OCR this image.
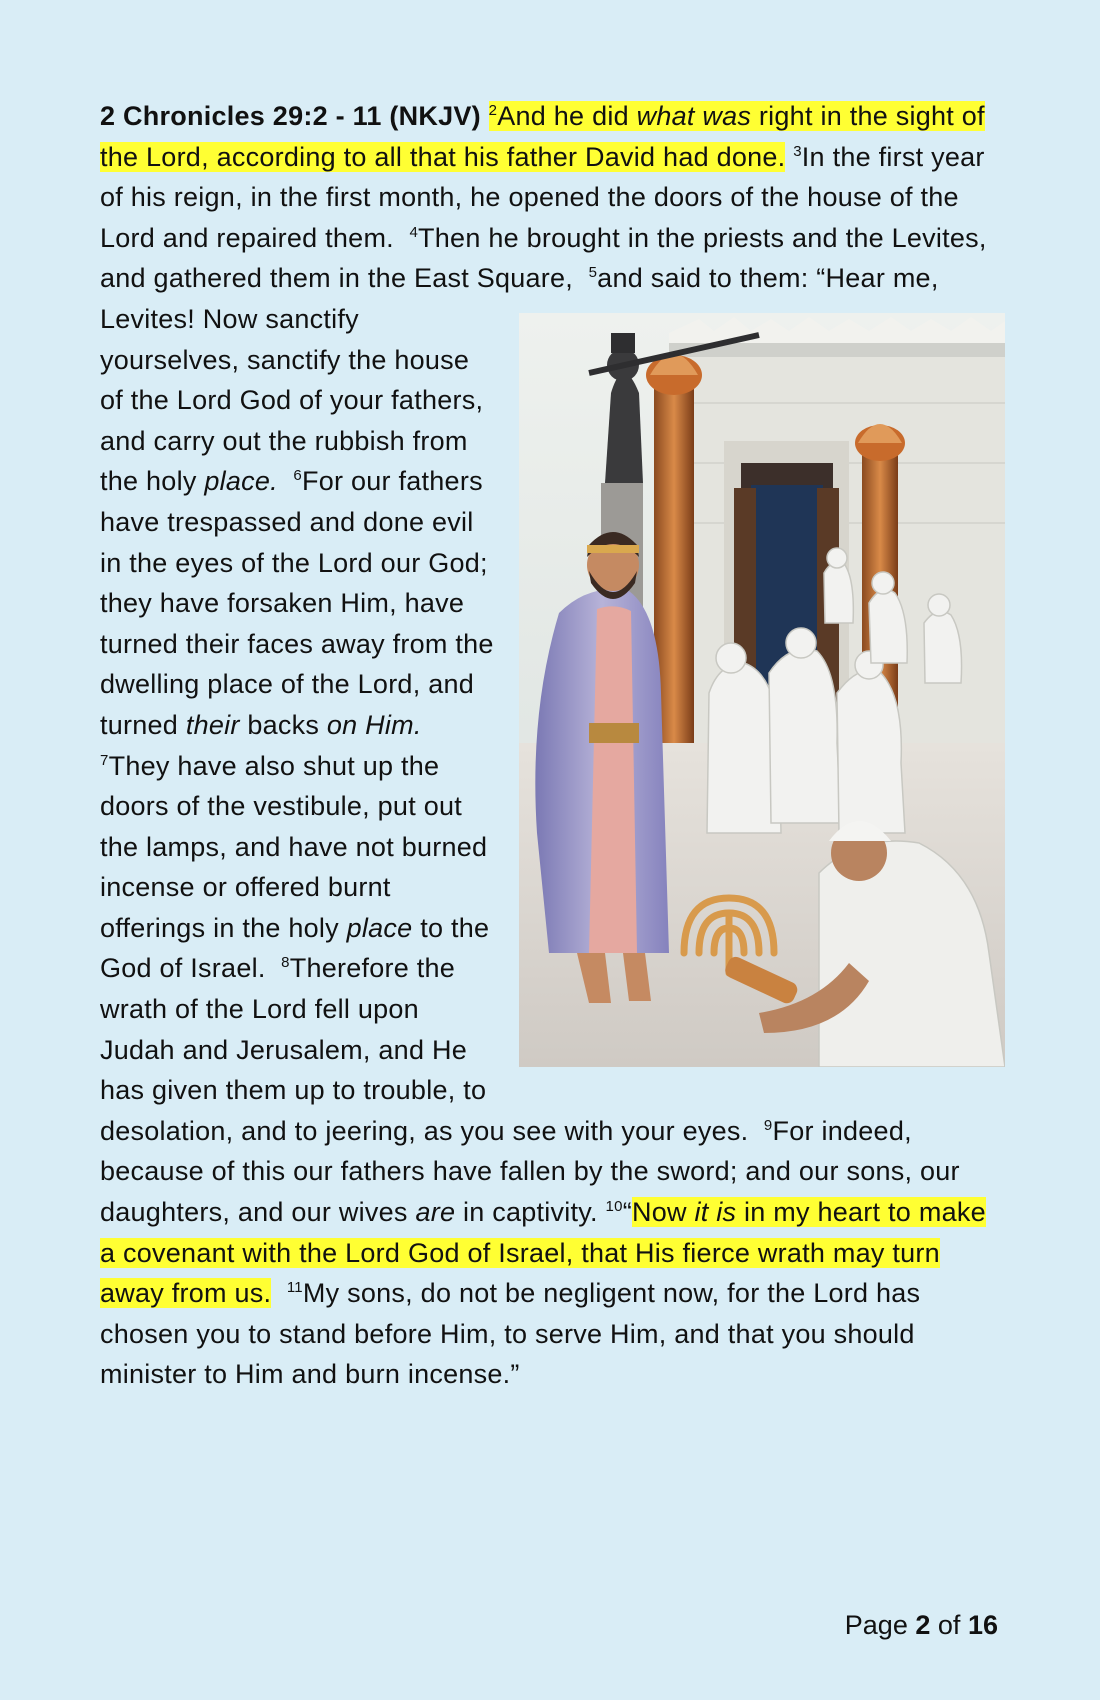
2 Chronicles 29:2 - 11 (NKJV) $^2$And he did what was right in the sight of the Lord, according to all that his father David had done. $^3$In the first year of his reign, in the first month, he opened the doors of the house of the Lord and repaired them. $^4$Then he brought in the priests and the Levites, and gathered them in the East Square, $^5$
and said to them: “Hear me, Levites! Now sanctify yourselves, sanctify the house of the Lord God of your fathers, and carry out the rubbish from the holy place. $^6$For our fathers have trespassed and done evil in the eyes of the Lord our God; they have forsaken Him, have turned their faces away from the dwelling place of the Lord, and turned their backs on Him.  $^7$They have also shut up the doors of the vestibule, put out the lamps, and have not burned incense or offered burnt offerings in the holy place to the God of Israel. $^8$Therefore the wrath of the Lord fell upon Judah and Jerusalem, and He has given them up to trouble, to desolation, and to jeering, as you see with your eyes. $^9$For indeed, because of this our fathers have fallen by the sword; and our sons, our daughters, and our wives are in captivity. $^{10}$“Now it is in my heart to make a covenant with the Lord God of Israel, that His fierce wrath may turn away from us. $^{11}$My sons, do not be negligent now, for the Lord has chosen you to stand before Him, to serve Him, and that you should minister to Him and burn incense.”
Page 2 of 16
